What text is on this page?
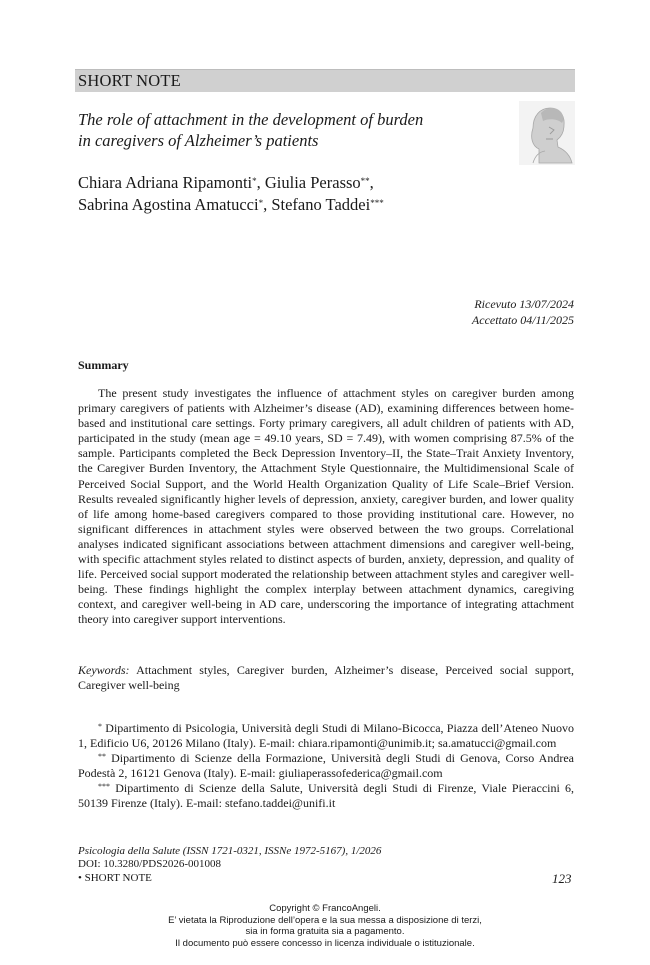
SHORT NOTE
The role of attachment in the development of burden
in caregivers of Alzheimer’s patients
Chiara Adriana Ripamonti*, Giulia Perasso**,
Sabrina Agostina Amatucci*, Stefano Taddei***
Ricevuto 13/07/2024
Accettato 04/11/2025
Summary
The present study investigates the influence of attachment styles on caregiver burden among primary caregivers of patients with Alzheimer’s disease (AD), examining differences between home-based and institutional care settings. Forty primary caregivers, all adult children of patients with AD, participated in the study (mean age = 49.10 years, SD = 7.49), with women comprising 87.5% of the sample. Participants completed the Beck Depression Inventory–II, the State–Trait Anxiety Inventory, the Caregiver Burden Inventory, the Attachment Style Questionnaire, the Multidimensional Scale of Perceived Social Support, and the World Health Organization Quality of Life Scale–Brief Version. Results revealed significantly higher levels of depression, anxiety, caregiver burden, and lower quality of life among home-based caregivers compared to those providing institutional care. However, no significant differences in attachment styles were observed between the two groups. Correlational analyses indicated significant associations between attachment dimensions and caregiver well-being, with specific attachment styles related to distinct aspects of burden, anxiety, depression, and quality of life. Perceived social support moderated the relationship between attachment styles and caregiver well-being. These findings highlight the complex interplay between attachment dynamics, caregiving context, and caregiver well-being in AD care, underscoring the importance of integrating attachment theory into caregiver support interventions.
Keywords: Attachment styles, Caregiver burden, Alzheimer’s disease, Perceived social support, Caregiver well-being

* Dipartimento di Psicologia, Università degli Studi di Milano-Bicocca, Piazza dell’Ateneo Nuovo 1, Edificio U6, 20126 Milano (Italy). E-mail: chiara.ripamonti@unimib.it; sa.amatucci@gmail.com

** Dipartimento di Scienze della Formazione, Università degli Studi di Genova, Corso Andrea Podestà 2, 16121 Genova (Italy). E-mail: giuliaperassofederica@gmail.com

*** Dipartimento di Scienze della Salute, Università degli Studi di Firenze, Viale Pieraccini 6, 50139 Firenze (Italy). E-mail: stefano.taddei@unifi.it

Psicologia della Salute (ISSN 1721-0321, ISSNe 1972-5167), 1/2026
DOI: 10.3280/PDS2026-001008
• SHORT NOTE	123
Copyright © FrancoAngeli.
E’ vietata la Riproduzione dell’opera e la sua messa a disposizione di terzi,
sia in forma gratuita sia a pagamento.
Il documento può essere concesso in licenza individuale o istituzionale.
